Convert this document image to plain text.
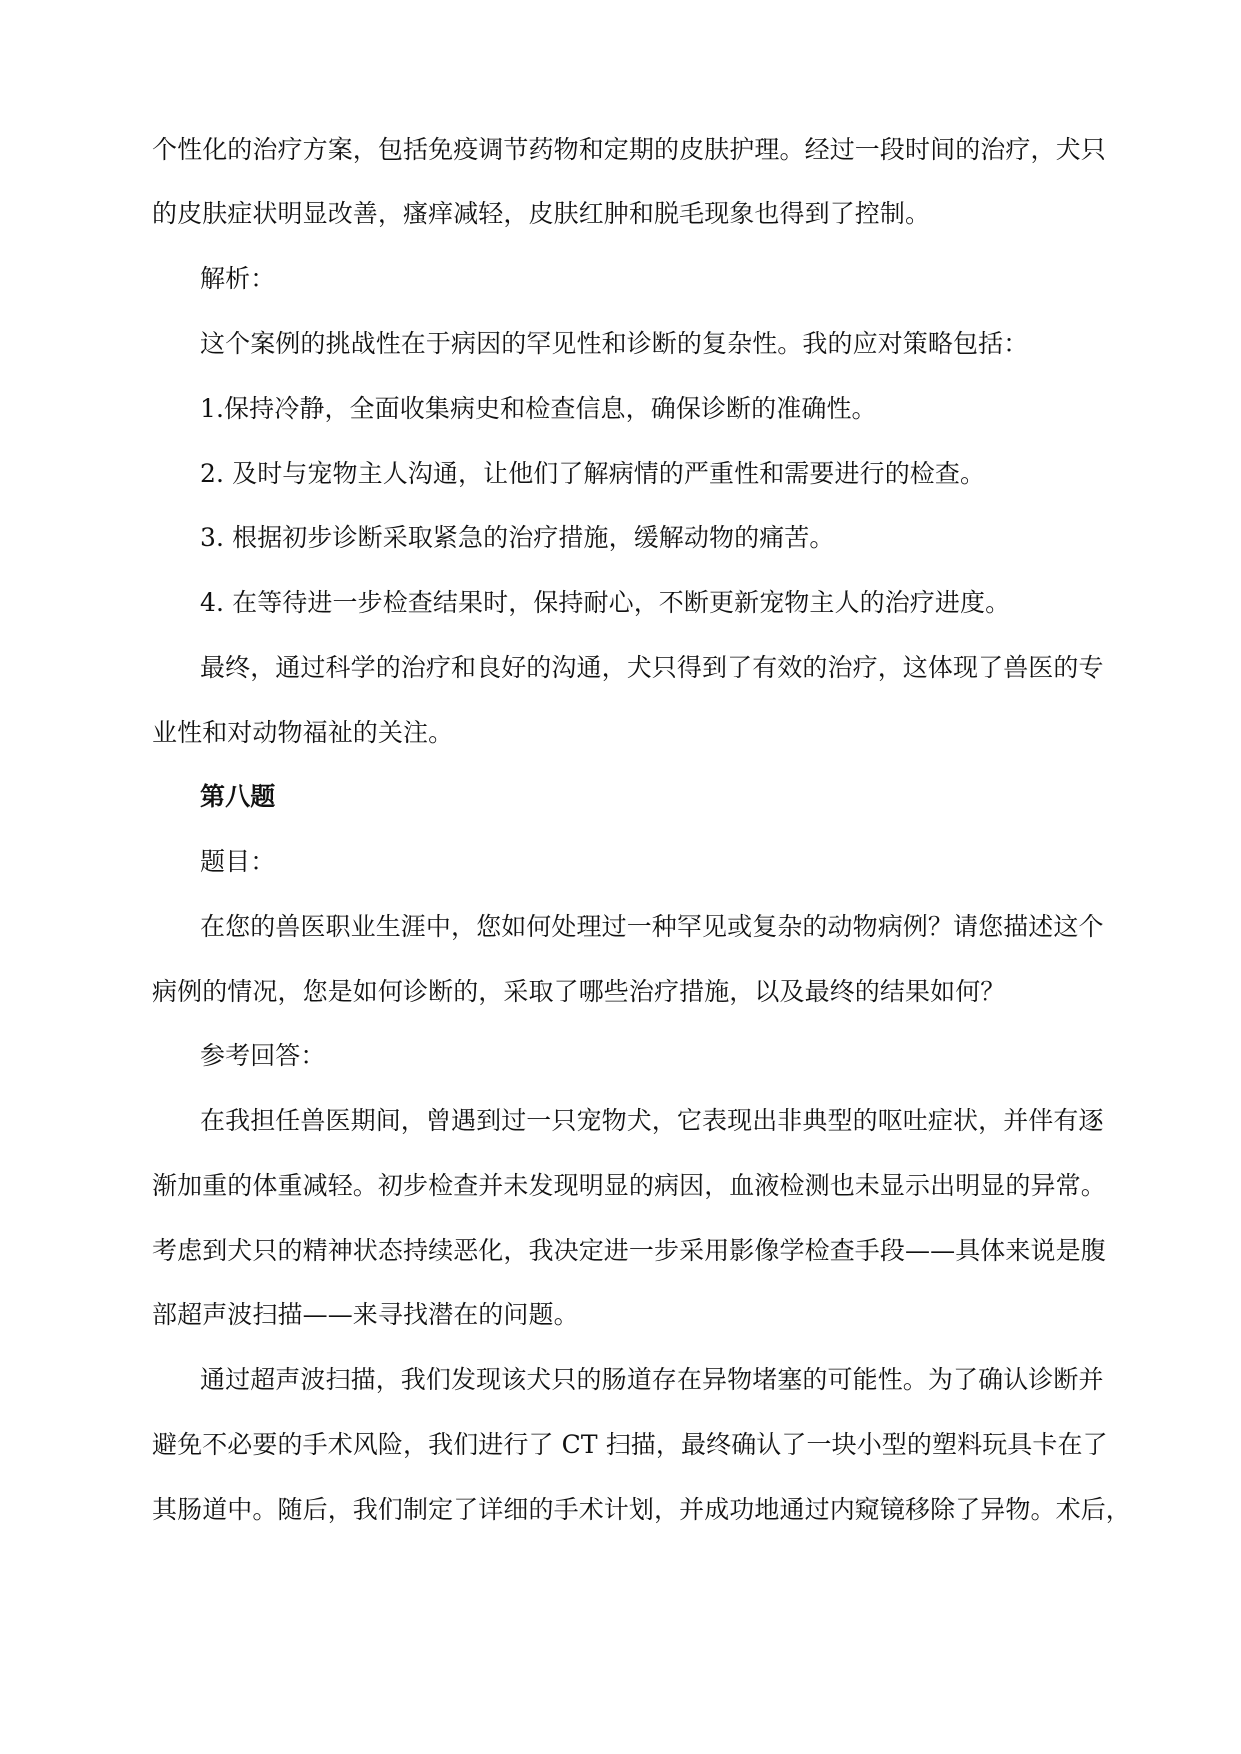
个性化的治疗方案，包括免疫调节药物和定期的皮肤护理。经过一段时间的治疗，犬只
的皮肤症状明显改善，瘙痒减轻，皮肤红肿和脱毛现象也得到了控制。
解析：
这个案例的挑战性在于病因的罕见性和诊断的复杂性。我的应对策略包括：
1.保持冷静，全面收集病史和检查信息，确保诊断的准确性。
2. 及时与宠物主人沟通，让他们了解病情的严重性和需要进行的检查。
3. 根据初步诊断采取紧急的治疗措施，缓解动物的痛苦。
4. 在等待进一步检查结果时，保持耐心，不断更新宠物主人的治疗进度。
最终，通过科学的治疗和良好的沟通，犬只得到了有效的治疗，这体现了兽医的专
业性和对动物福祉的关注。
第八题
题目：
在您的兽医职业生涯中，您如何处理过一种罕见或复杂的动物病例？请您描述这个
病例的情况，您是如何诊断的，采取了哪些治疗措施，以及最终的结果如何？
参考回答：
在我担任兽医期间，曾遇到过一只宠物犬，它表现出非典型的呕吐症状，并伴有逐
渐加重的体重减轻。初步检查并未发现明显的病因，血液检测也未显示出明显的异常。
考虑到犬只的精神状态持续恶化，我决定进一步采用影像学检查手段——具体来说是腹
部超声波扫描——来寻找潜在的问题。
通过超声波扫描，我们发现该犬只的肠道存在异物堵塞的可能性。为了确认诊断并
避免不必要的手术风险，我们进行了 CT 扫描，最终确认了一块小型的塑料玩具卡在了
其肠道中。随后，我们制定了详细的手术计划，并成功地通过内窥镜移除了异物。术后，
